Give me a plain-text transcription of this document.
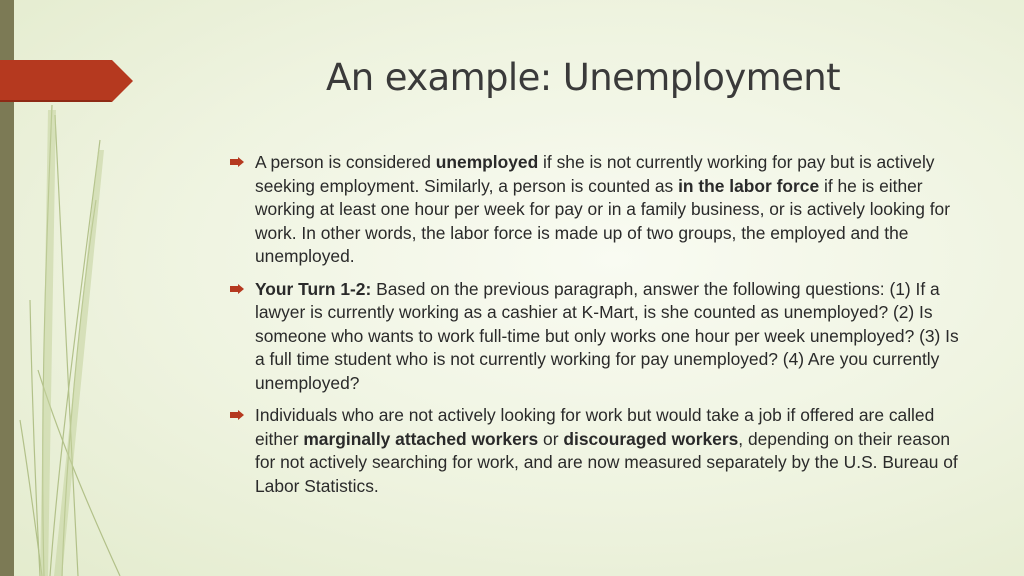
An example: Unemployment
A person is considered unemployed if she is not currently working for pay but is actively seeking employment. Similarly, a person is counted as in the labor force if he is either working at least one hour per week for pay or in a family business, or is actively looking for work. In other words, the labor force is made up of two groups, the employed and the unemployed.
Your Turn 1-2: Based on the previous paragraph, answer the following questions: (1) If a lawyer is currently working as a cashier at K-Mart, is she counted as unemployed? (2) Is someone who wants to work full-time but only works one hour per week unemployed? (3) Is a full time student who is not currently working for pay unemployed? (4) Are you currently unemployed?
Individuals who are not actively looking for work but would take a job if offered are called either marginally attached workers or discouraged workers, depending on their reason for not actively searching for work, and are now measured separately by the U.S. Bureau of Labor Statistics.
